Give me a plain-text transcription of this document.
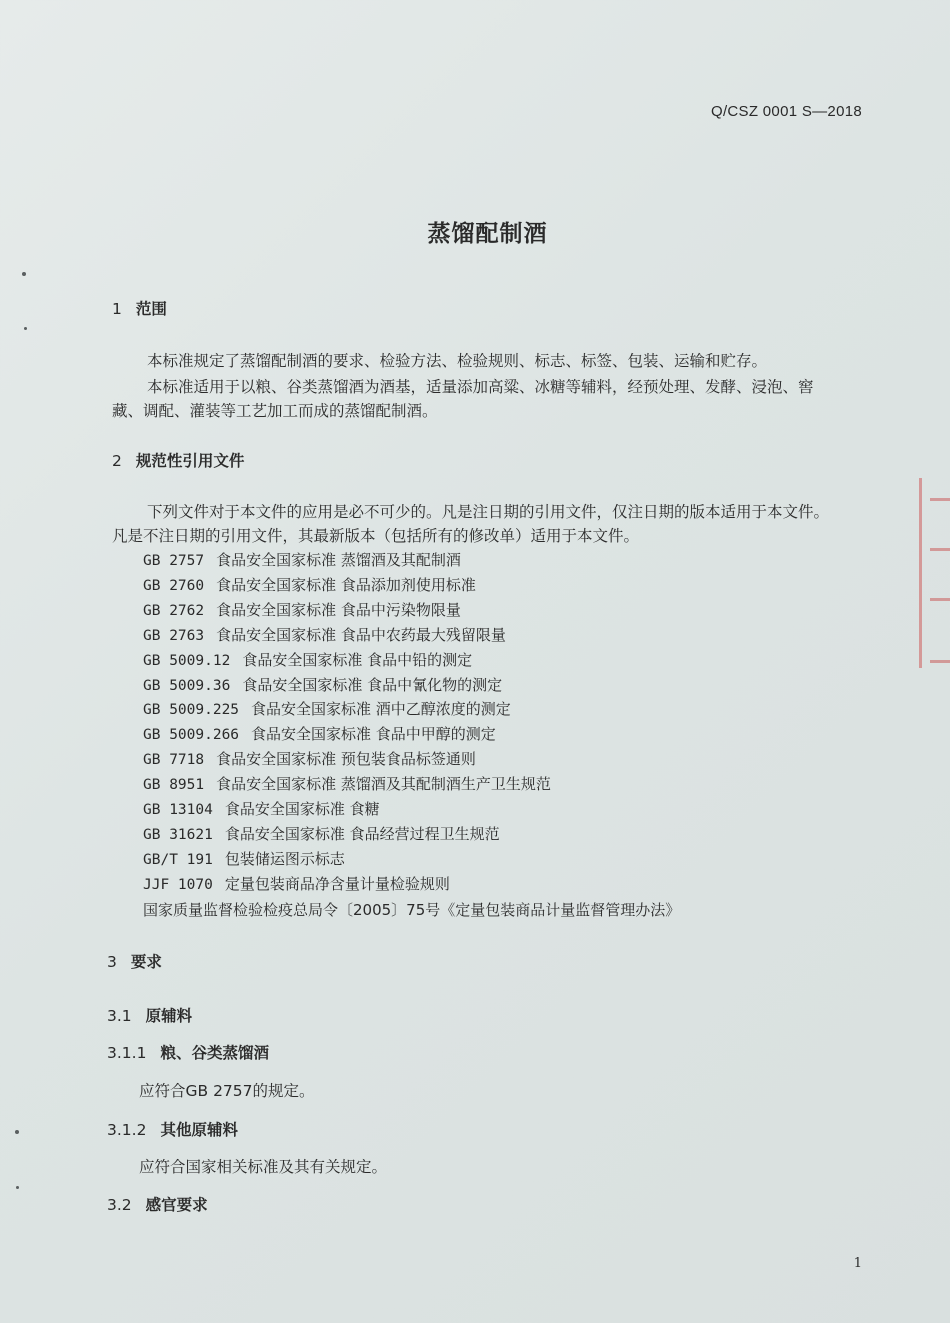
Q/CSZ 0001 S—2018
蒸馏配制酒
1 范围
本标准规定了蒸馏配制酒的要求、检验方法、检验规则、标志、标签、包装、运输和贮存。
本标准适用于以粮、谷类蒸馏酒为酒基，适量添加高粱、冰糖等辅料，经预处理、发酵、浸泡、窖
藏、调配、灌装等工艺加工而成的蒸馏配制酒。
2 规范性引用文件
下列文件对于本文件的应用是必不可少的。凡是注日期的引用文件，仅注日期的版本适用于本文件。
凡是不注日期的引用文件，其最新版本（包括所有的修改单）适用于本文件。
GB 2757 食品安全国家标准 蒸馏酒及其配制酒
GB 2760 食品安全国家标准 食品添加剂使用标准
GB 2762 食品安全国家标准 食品中污染物限量
GB 2763 食品安全国家标准 食品中农药最大残留限量
GB 5009.12 食品安全国家标准 食品中铅的测定
GB 5009.36 食品安全国家标准 食品中氰化物的测定
GB 5009.225 食品安全国家标准 酒中乙醇浓度的测定
GB 5009.266 食品安全国家标准 食品中甲醇的测定
GB 7718 食品安全国家标准 预包装食品标签通则
GB 8951 食品安全国家标准 蒸馏酒及其配制酒生产卫生规范
GB 13104 食品安全国家标准 食糖
GB 31621 食品安全国家标准 食品经营过程卫生规范
GB/T 191 包装储运图示标志
JJF 1070 定量包装商品净含量计量检验规则
国家质量监督检验检疫总局令〔2005〕75号《定量包装商品计量监督管理办法》
3 要求
3.1 原辅料
3.1.1 粮、谷类蒸馏酒
应符合GB 2757的规定。
3.1.2 其他原辅料
应符合国家相关标准及其有关规定。
3.2 感官要求
1
